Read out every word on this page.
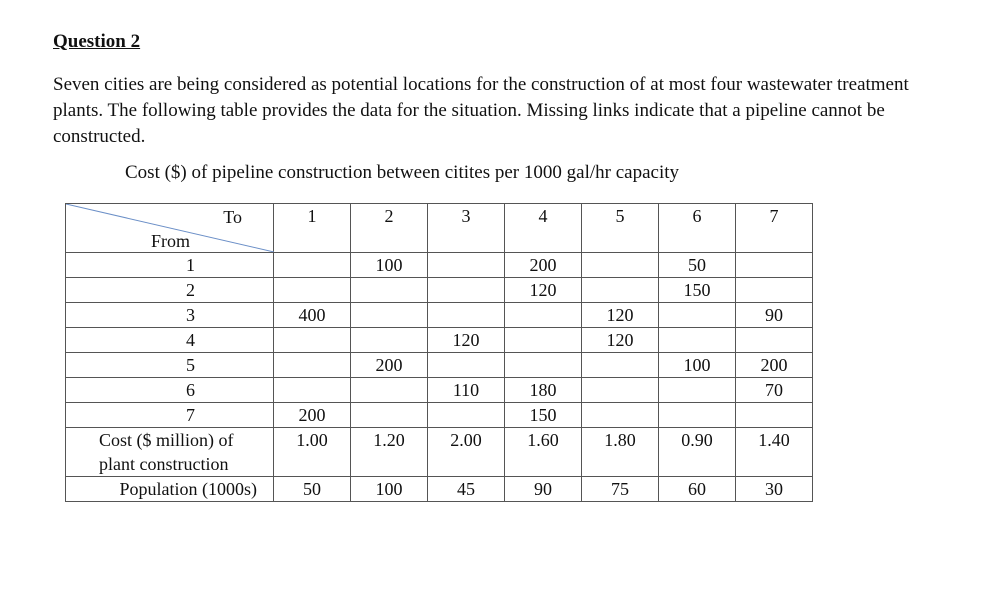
Question 2

Seven cities are being considered as potential locations for the construction of at most four wastewater treatment plants. The following table provides the data for the situation. Missing links indicate that a pipeline cannot be constructed.

Cost ($) of pipeline construction between citites per 1000 gal/hr capacity

To
From	1	2	3	4	5	6	7
1		100		200		50	
2				120		150	
3	400				120		90
4			120		120		
5		200				100	200
6			110	180			70
7	200			150			

Cost ($ million) of
plant construction	1.00	1.20	2.00	1.60	1.80	0.90	1.40
Population (1000s)	50	100	45	90	75	60	30
